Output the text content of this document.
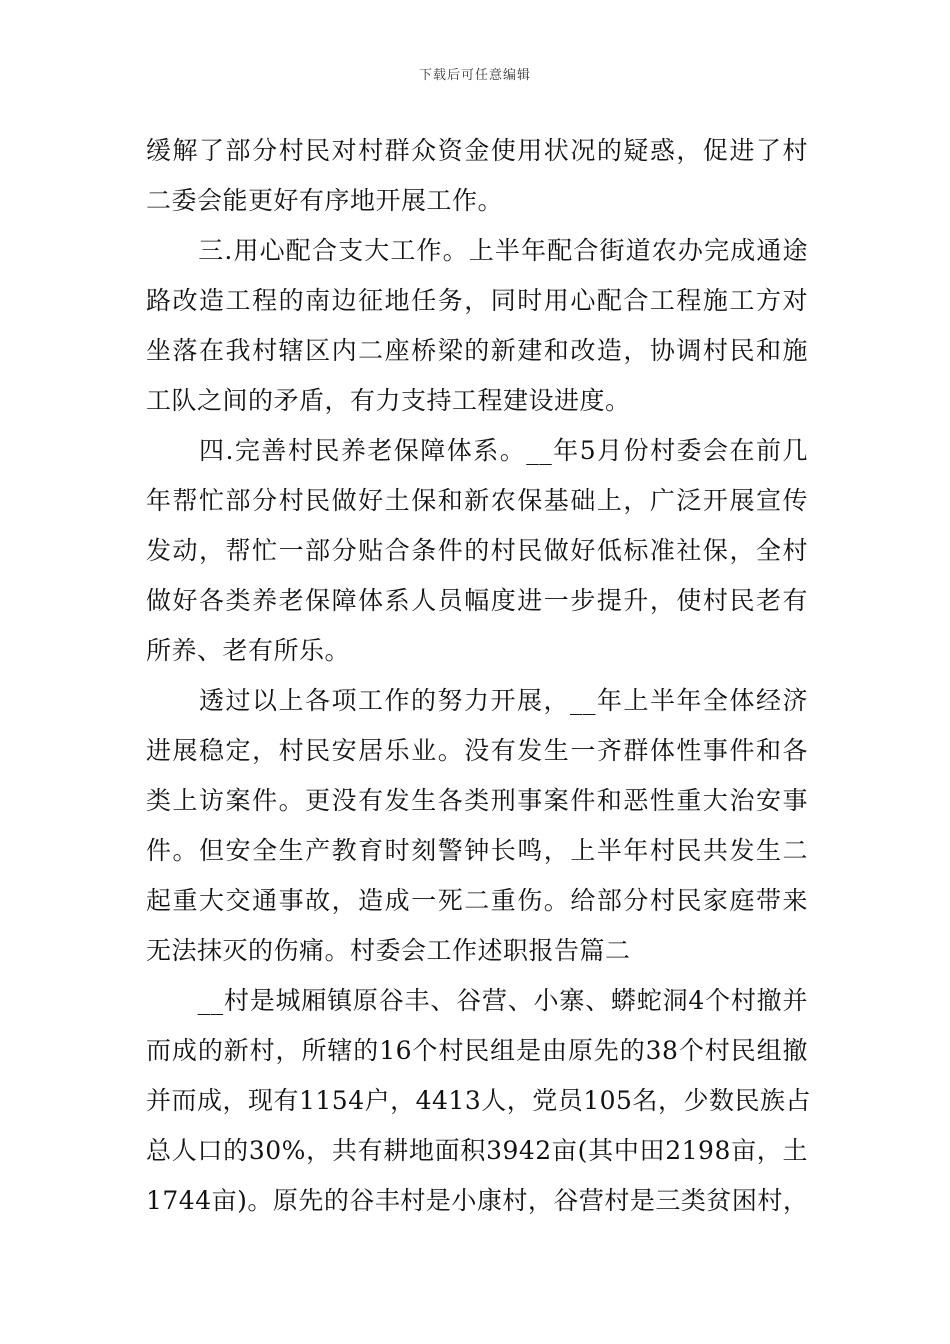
下载后可任意编辑
缓解了部分村民对村群众资金使用状况的疑惑，促进了村
二委会能更好有序地开展工作。
　　三.用心配合支大工作。上半年配合街道农办完成通途
路改造工程的南边征地任务，同时用心配合工程施工方对
坐落在我村辖区内二座桥梁的新建和改造，协调村民和施
工队之间的矛盾，有力支持工程建设进度。
　　四.完善村民养老保障体系。__年5月份村委会在前几
年帮忙部分村民做好土保和新农保基础上，广泛开展宣传
发动，帮忙一部分贴合条件的村民做好低标准社保，全村
做好各类养老保障体系人员幅度进一步提升，使村民老有
所养、老有所乐。
　　透过以上各项工作的努力开展，__年上半年全体经济
进展稳定，村民安居乐业。没有发生一齐群体性事件和各
类上访案件。更没有发生各类刑事案件和恶性重大治安事
件。但安全生产教育时刻警钟长鸣，上半年村民共发生二
起重大交通事故，造成一死二重伤。给部分村民家庭带来
无法抹灭的伤痛。村委会工作述职报告篇二
　　__村是城厢镇原谷丰、谷营、小寨、蟒蛇洞4个村撤并
而成的新村，所辖的16个村民组是由原先的38个村民组撤
并而成，现有1154户，4413人，党员105名，少数民族占
总人口的30%，共有耕地面积3942亩(其中田2198亩，土
1744亩)。原先的谷丰村是小康村，谷营村是三类贫困村，
